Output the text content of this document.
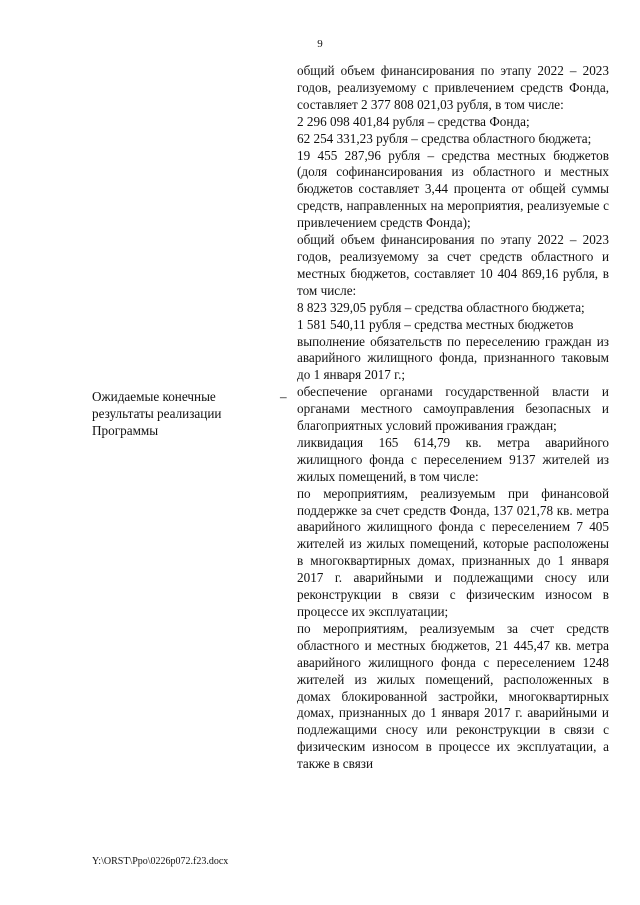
9
Ожидаемые конечные результаты реализации Программы
–

общий объем финансирования по этапу 2022 – 2023 годов, реализуемому с привлечением средств Фонда, составляет 2 377 808 021,03 рубля, в том числе:

2 296 098 401,84 рубля – средства Фонда;

62 254 331,23 рубля – средства областного бюджета;

19 455 287,96 рубля – средства местных бюджетов (доля софинансирования из областного и местных бюджетов составляет 3,44 процента от общей суммы средств, направленных на мероприятия, реализуемые с привлечением средств Фонда);

общий объем финансирования по этапу 2022 – 2023 годов, реализуемому за счет средств областного и местных бюджетов, составляет 10 404 869,16 рубля, в том числе:

8 823 329,05 рубля – средства областного бюджета;

1 581 540,11 рубля – средства местных бюджетов

выполнение обязательств по переселению граждан из аварийного жилищного фонда, признанного таковым до 1 января 2017 г.;

обеспечение органами государственной власти и органами местного самоуправления безопасных и благоприятных условий проживания граждан;

ликвидация 165 614,79 кв. метра аварийного жилищного фонда с переселением 9137 жителей из жилых помещений, в том числе:

по мероприятиям, реализуемым при финансовой поддержке за счет средств Фонда, 137 021,78 кв. метра аварийного жилищного фонда с переселением 7 405 жителей из жилых помещений, которые расположены в многоквартирных домах, признанных до 1 января 2017 г. аварийными и подлежащими сносу или реконструкции в связи с физическим износом в процессе их эксплуатации;

по мероприятиям, реализуемым за счет средств областного и местных бюджетов, 21 445,47 кв. метра аварийного жилищного фонда с переселением 1248 жителей из жилых помещений, расположенных в домах блокированной застройки, многоквартирных домах, признанных до 1 января 2017 г. аварийными и подлежащими сносу или реконструкции в связи с физическим износом в процессе их эксплуатации, а также в связи

Y:\ORST\Ppo\0226p072.f23.docx
